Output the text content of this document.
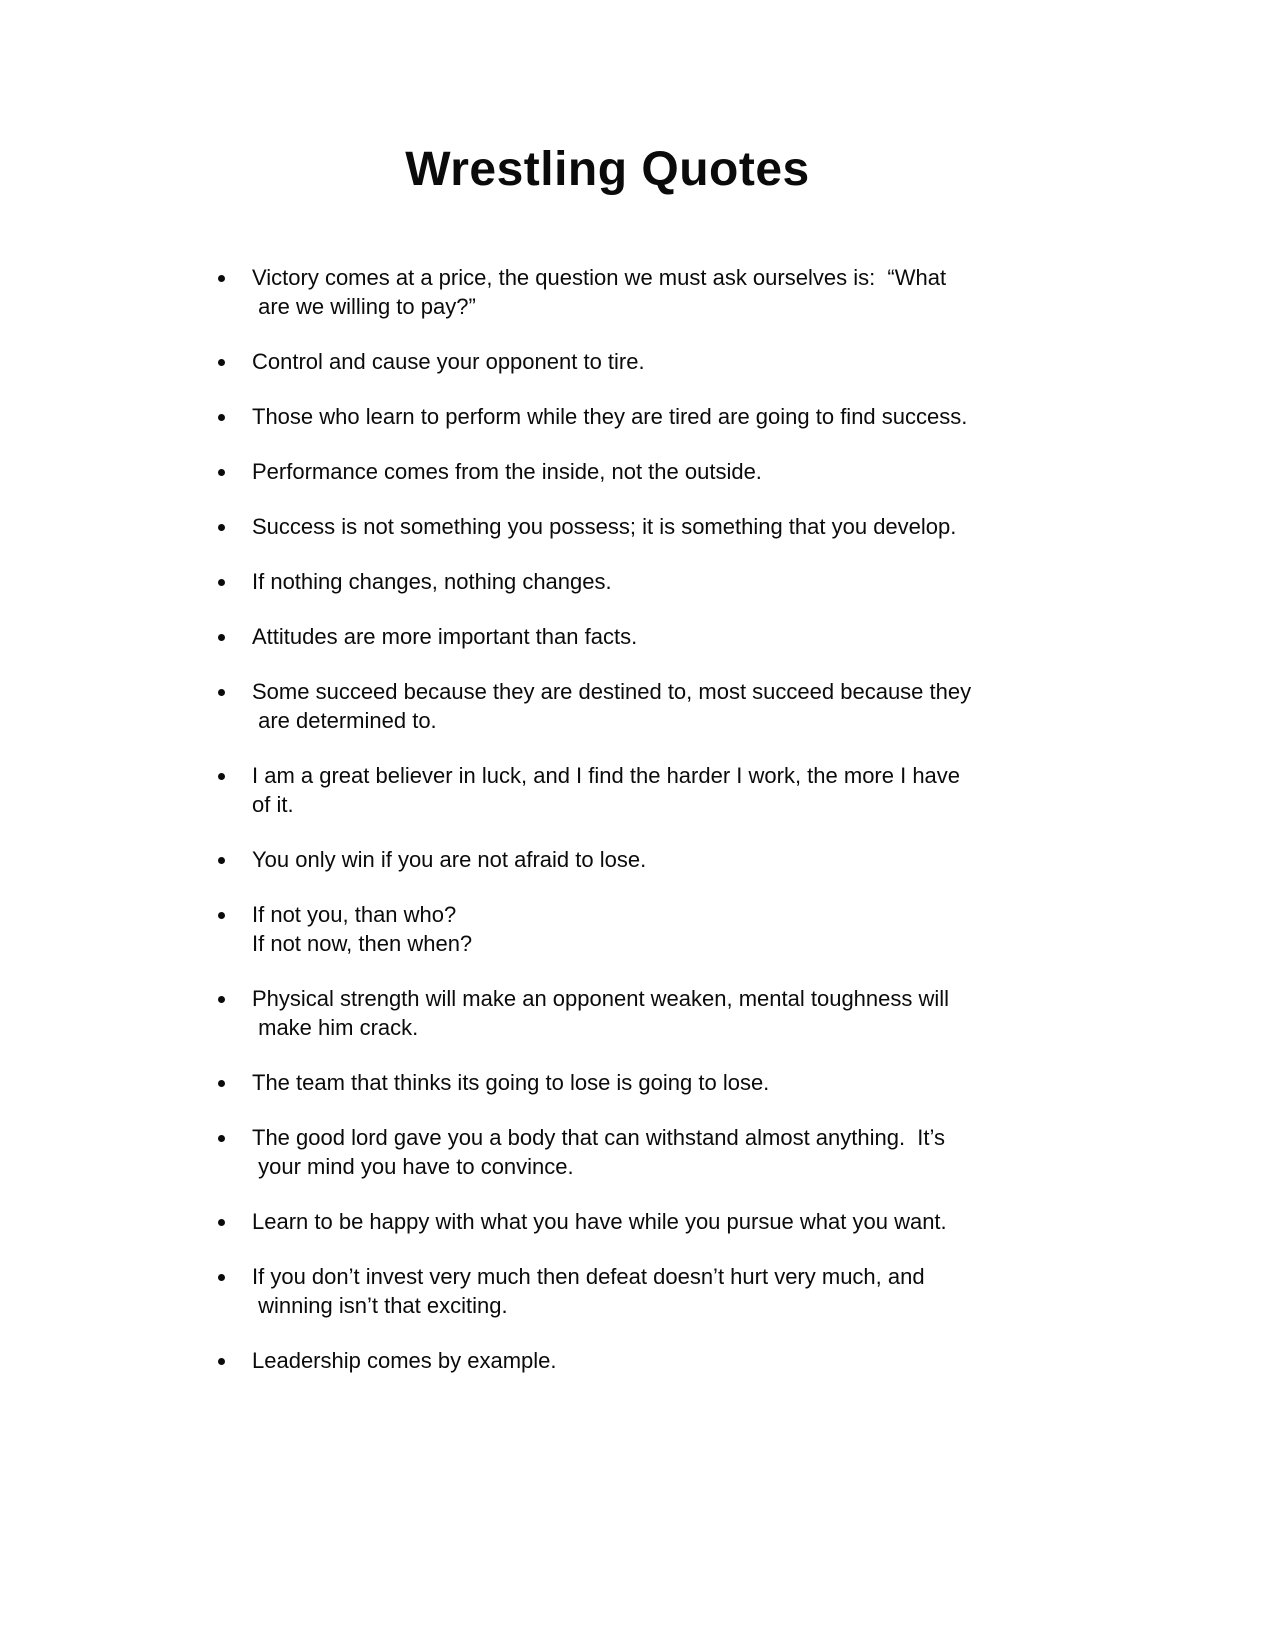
Wrestling Quotes
Victory comes at a price, the question we must ask ourselves is:  “What
are we willing to pay?”
Control and cause your opponent to tire.
Those who learn to perform while they are tired are going to find success.
Performance comes from the inside, not the outside.
Success is not something you possess; it is something that you develop.
If nothing changes, nothing changes.
Attitudes are more important than facts.
Some succeed because they are destined to, most succeed because they
are determined to.
I am a great believer in luck, and I find the harder I work, the more I have
of it.
You only win if you are not afraid to lose.
If not you, than who?
If not now, then when?
Physical strength will make an opponent weaken, mental toughness will
make him crack.
The team that thinks its going to lose is going to lose.
The good lord gave you a body that can withstand almost anything.  It’s
your mind you have to convince.
Learn to be happy with what you have while you pursue what you want.
If you don’t invest very much then defeat doesn’t hurt very much, and
winning isn’t that exciting.
Leadership comes by example.
